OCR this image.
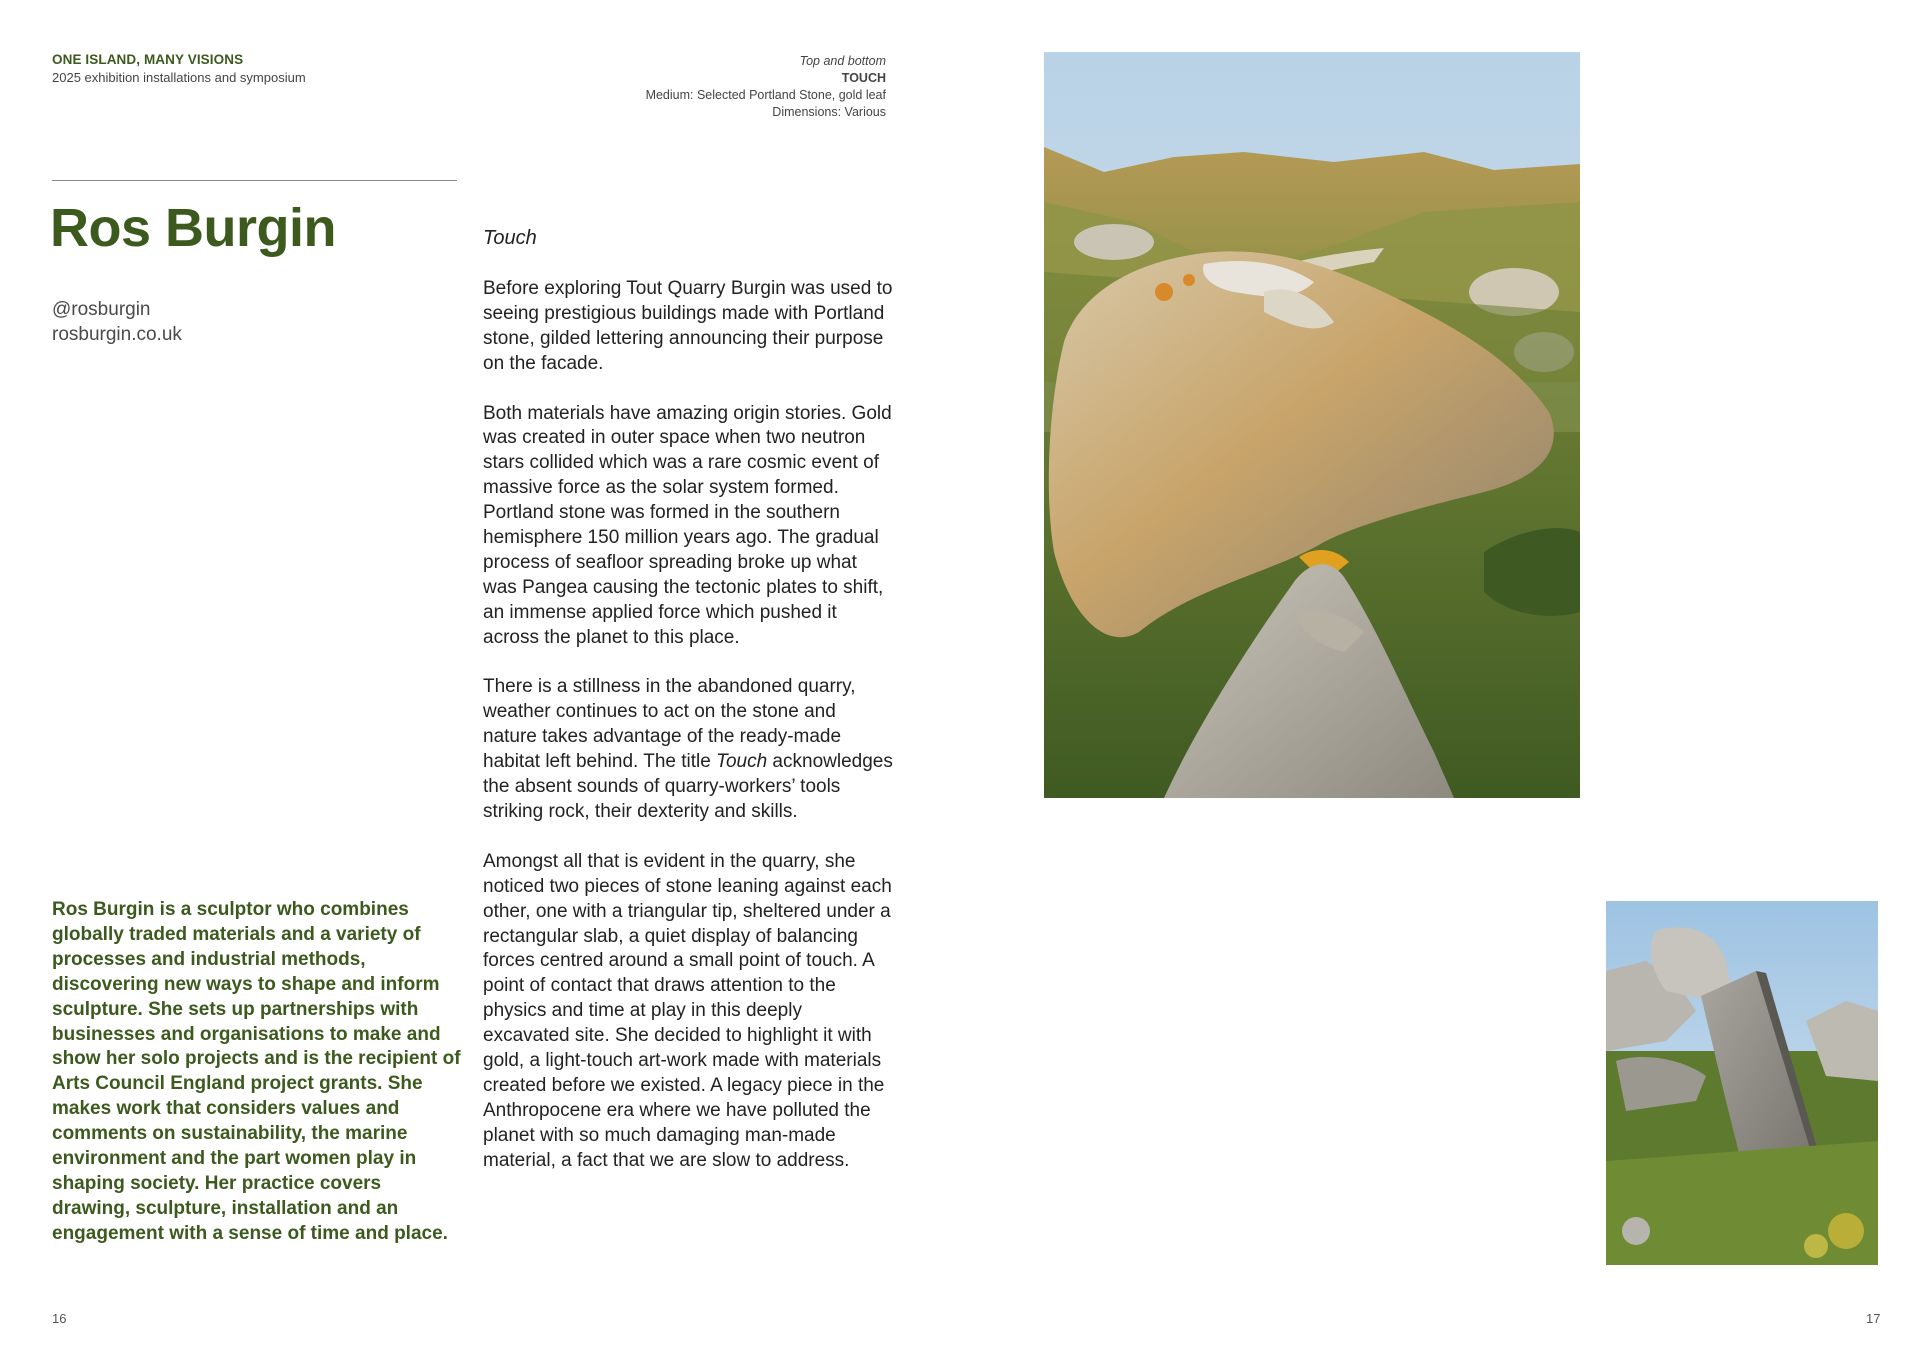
ONE ISLAND, MANY VISIONS
2025 exhibition installations and symposium
Top and bottom
TOUCH
Medium: Selected Portland Stone, gold leaf
Dimensions: Various
Ros Burgin
@rosburgin
rosburgin.co.uk

Ros Burgin is a sculptor who combines globally traded materials and a variety of processes and industrial methods, discovering new ways to shape and inform sculpture. She sets up partnerships with businesses and organisations to make and show her solo projects and is the recipient of Arts Council England project grants. She makes work that considers values and comments on sustainability, the marine environment and the part women play in shaping society. Her practice covers drawing, sculpture, installation and an engagement with a sense of time and place.

Touch

Before exploring Tout Quarry Burgin was used to seeing prestigious buildings made with Portland stone, gilded lettering announcing their purpose on the facade.

Both materials have amazing origin stories. Gold was created in outer space when two neutron stars collided which was a rare cosmic event of massive force as the solar system formed. Portland stone was formed in the southern hemisphere 150 million years ago. The gradual process of seafloor spreading broke up what was Pangea causing the tectonic plates to shift, an immense applied force which pushed it across the planet to this place.

There is a stillness in the abandoned quarry, weather continues to act on the stone and nature takes advantage of the ready-made habitat left behind. The title Touch acknowledges the absent sounds of quarry-workers’ tools striking rock, their dexterity and skills.

Amongst all that is evident in the quarry, she noticed two pieces of stone leaning against each other, one with a triangular tip, sheltered under a rectangular slab, a quiet display of balancing forces centred around a small point of touch. A point of contact that draws attention to the physics and time at play in this deeply excavated site. She decided to highlight it with gold, a light-touch art-work made with materials created before we existed. A legacy piece in the Anthropocene era where we have polluted the planet with so much damaging man-made material, a fact that we are slow to address.

16	17
